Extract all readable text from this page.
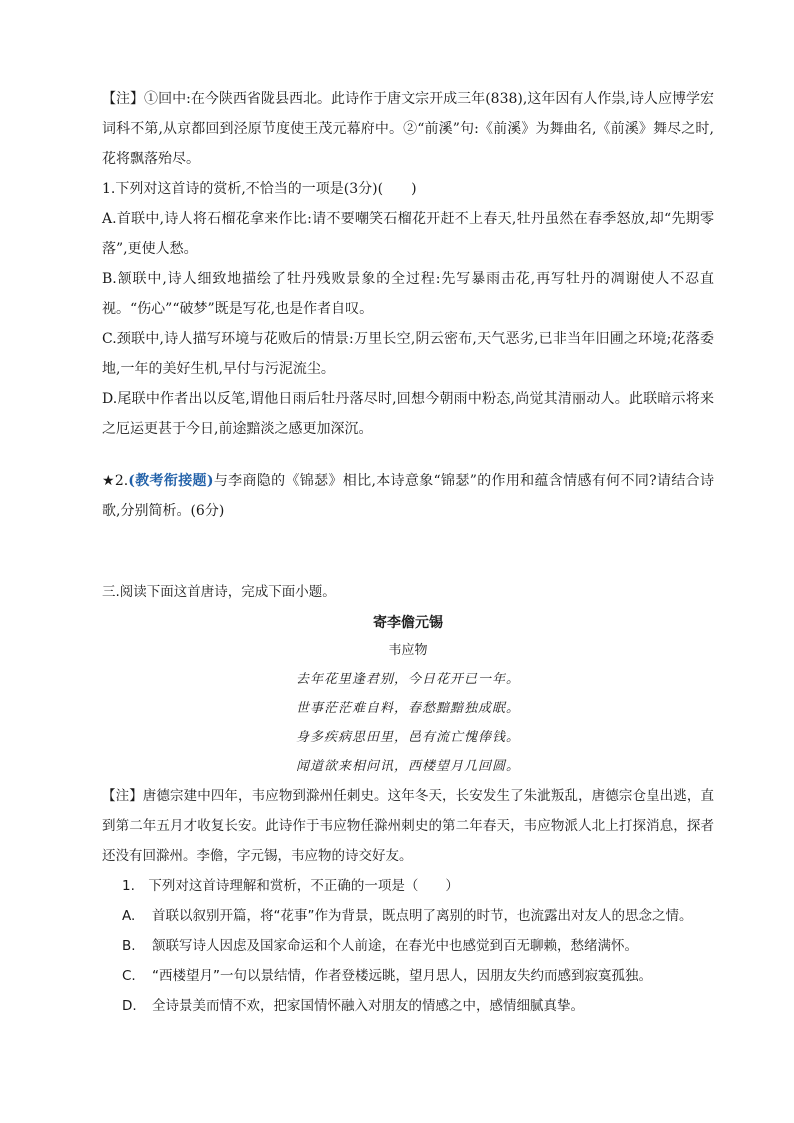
【注】①回中:在今陕西省陇县西北。此诗作于唐文宗开成三年(838),这年因有人作祟,诗人应博学宏词科不第,从京都回到泾原节度使王茂元幕府中。②“前溪”句:《前溪》为舞曲名,《前溪》舞尽之时,花将飘落殆尽。

1.下列对这首诗的赏析,不恰当的一项是(3分)(　　)

A.首联中,诗人将石榴花拿来作比:请不要嘲笑石榴花开赶不上春天,牡丹虽然在春季怒放,却“先期零落”,更使人愁。

B.颔联中,诗人细致地描绘了牡丹残败景象的全过程:先写暴雨击花,再写牡丹的凋谢使人不忍直视。“伤心”“破梦”既是写花,也是作者自叹。

C.颈联中,诗人描写环境与花败后的情景:万里长空,阴云密布,天气恶劣,已非当年旧圃之环境;花落委地,一年的美好生机,早付与污泥流尘。

D.尾联中作者出以反笔,谓他日雨后牡丹落尽时,回想今朝雨中粉态,尚觉其清丽动人。此联暗示将来之厄运更甚于今日,前途黯淡之感更加深沉。

★2.(教考衔接题)与李商隐的《锦瑟》相比,本诗意象“锦瑟”的作用和蕴含情感有何不同?请结合诗歌,分别简析。(6分)

三.阅读下面这首唐诗，完成下面小题。

寄李儋元锡
韦应物
去年花里逢君别，今日花开已一年。
世事茫茫难自料，春愁黯黯独成眠。
身多疾病思田里，邑有流亡愧俸钱。
闻道欲来相问讯，西楼望月几回圆。

【注】唐德宗建中四年，韦应物到滁州任刺史。这年冬天，长安发生了朱泚叛乱，唐德宗仓皇出逃，直到第二年五月才收复长安。此诗作于韦应物任滁州刺史的第二年春天，韦应物派人北上打探消息，探者还没有回滁州。李儋，字元锡，韦应物的诗交好友。

1.　下列对这首诗理解和赏析，不正确的一项是（　　）

A. 首联以叙别开篇，将“花事”作为背景，既点明了离别的时节，也流露出对友人的思念之情。

B. 颔联写诗人因虑及国家命运和个人前途，在春光中也感觉到百无聊赖，愁绪满怀。

C. “西楼望月”一句以景结情，作者登楼远眺，望月思人，因朋友失约而感到寂寞孤独。

D. 全诗景美而情不欢，把家国情怀融入对朋友的情感之中，感情细腻真挚。
